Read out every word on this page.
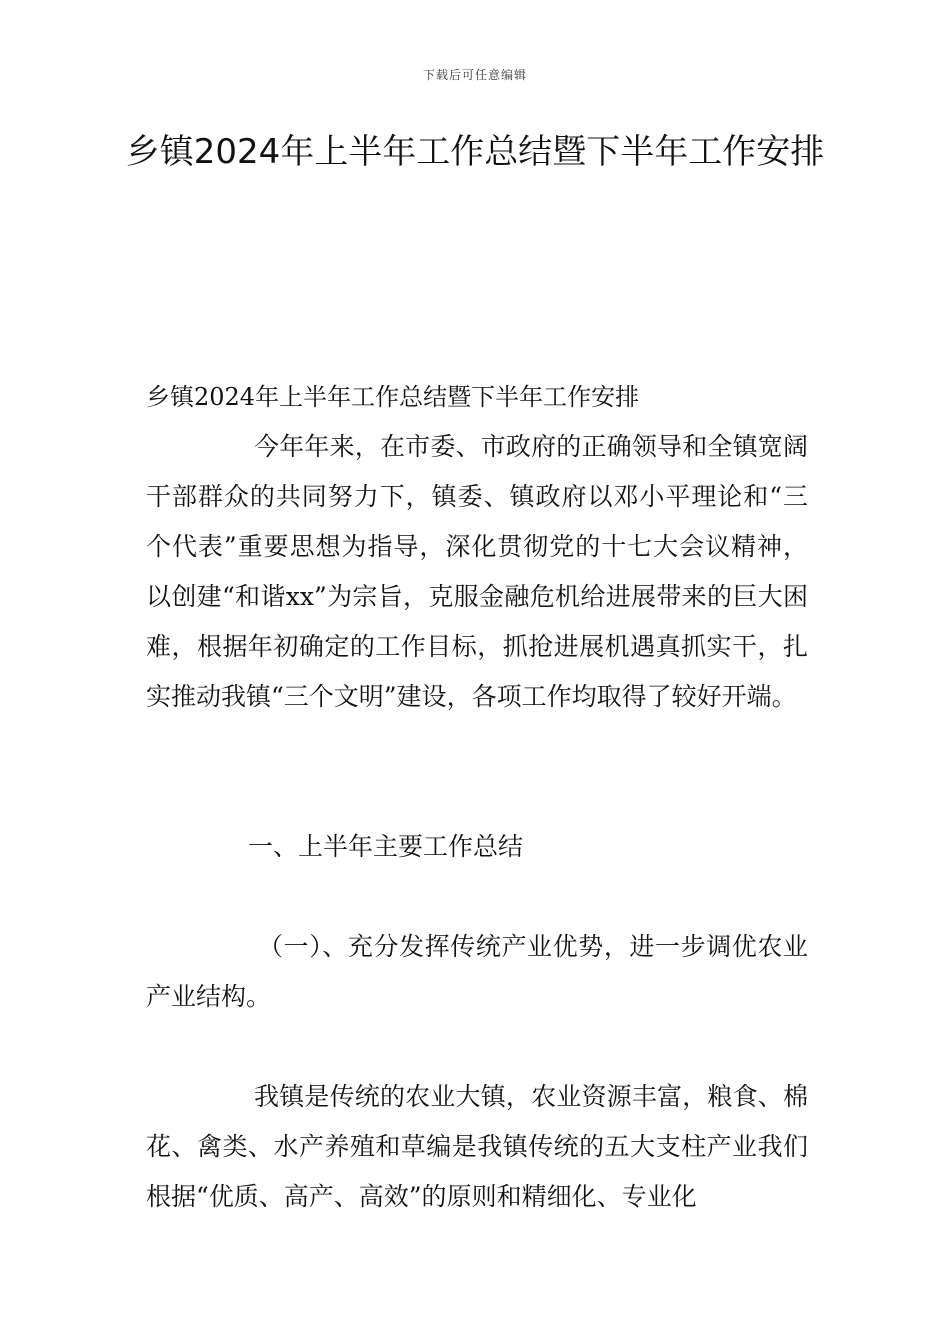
下载后可任意编辑
乡镇2024年上半年工作总结暨下半年工作安排
乡镇2024年上半年工作总结暨下半年工作安排
今年年来，在市委、市政府的正确领导和全镇宽阔干部群众的共同努力下，镇委、镇政府以邓小平理论和“三个代表”重要思想为指导，深化贯彻党的十七大会议精神，以创建“和谐xx”为宗旨，克服金融危机给进展带来的巨大困难，根据年初确定的工作目标，抓抢进展机遇真抓实干，扎实推动我镇“三个文明”建设，各项工作均取得了较好开端。
一、上半年主要工作总结
（一）、充分发挥传统产业优势，进一步调优农业产业结构。
我镇是传统的农业大镇，农业资源丰富，粮食、棉花、禽类、水产养殖和草编是我镇传统的五大支柱产业我们根据“优质、高产、高效”的原则和精细化、专业化
